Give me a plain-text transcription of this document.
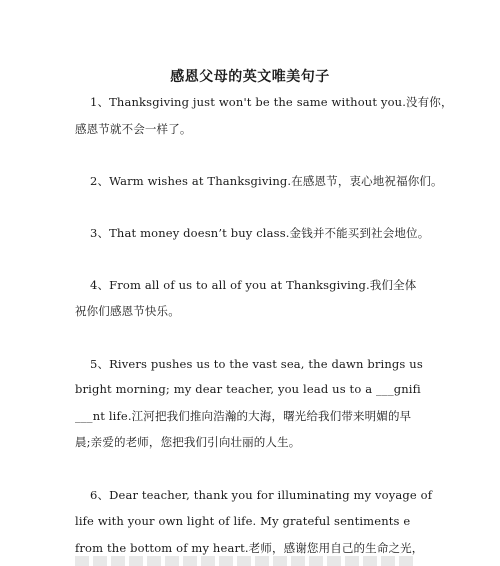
感恩父母的英文唯美句子
1、Thanksgiving just won't be the same without you.没有你，
感恩节就不会一样了。
2、Warm wishes at Thanksgiving.在感恩节，衷心地祝福你们。
3、That money doesn’t buy class.金钱并不能买到社会地位。
4、From all of us to all of you at Thanksgiving.我们全体
祝你们感恩节快乐。
5、Rivers pushes us to the vast sea, the dawn brings us
bright morning; my dear teacher, you lead us to a ___gnifi
___nt life.江河把我们推向浩瀚的大海，曙光给我们带来明媚的早
晨;亲爱的老师，您把我们引向壮丽的人生。
6、Dear teacher, thank you for illuminating my voyage of
life with your own light of life. My grateful sentiments e
from the bottom of my heart.老师，感谢您用自己的生命之光，
